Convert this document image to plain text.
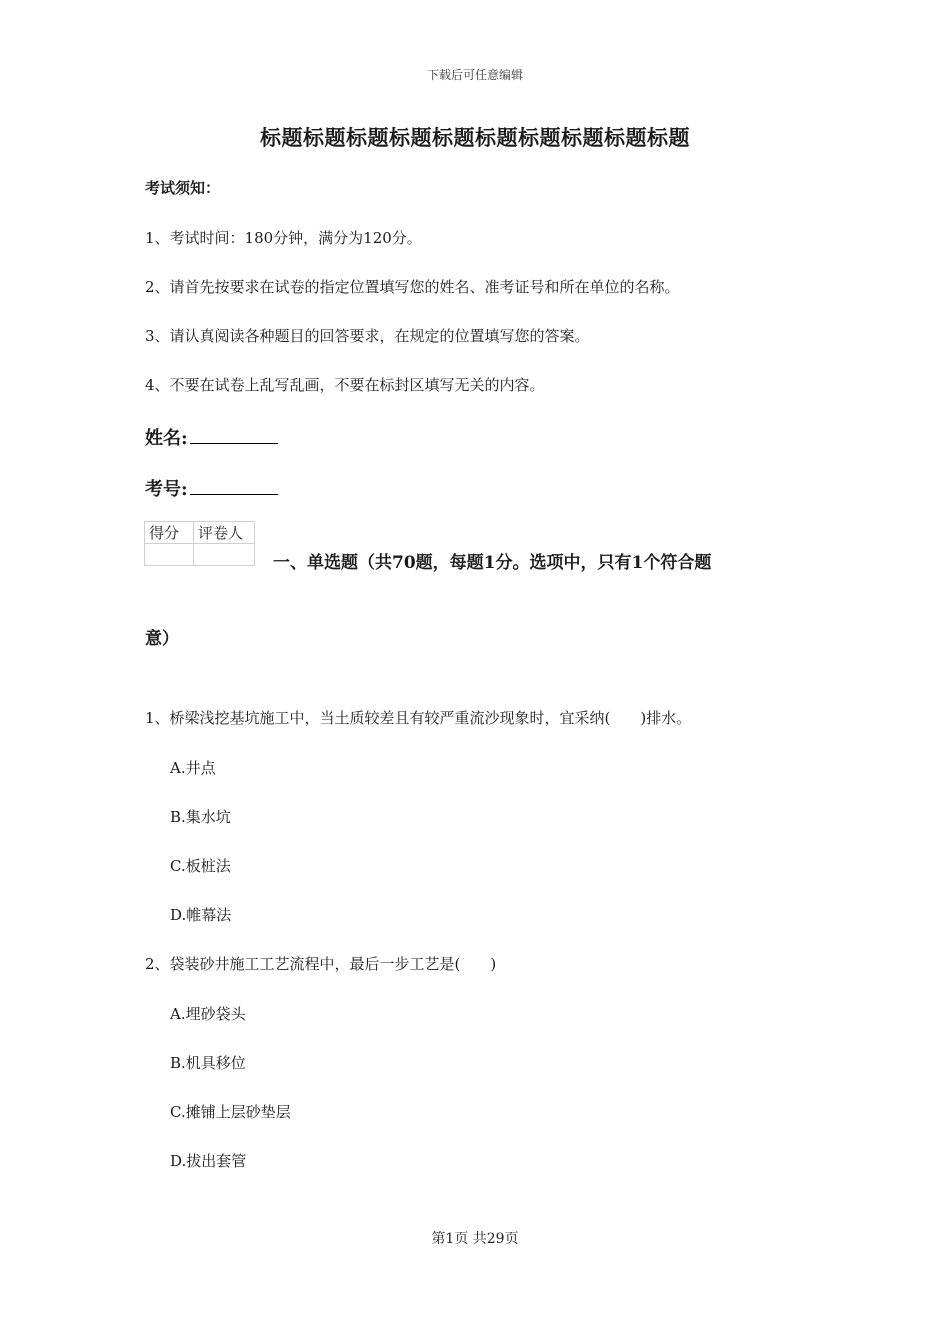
下载后可任意编辑
标题标题标题标题标题标题标题标题标题标题
考试须知：
1、考试时间：180分钟，满分为120分。
2、请首先按要求在试卷的指定位置填写您的姓名、准考证号和所在单位的名称。
3、请认真阅读各种题目的回答要求，在规定的位置填写您的答案。
4、不要在试卷上乱写乱画，不要在标封区填写无关的内容。
姓名:
考号:
得分	评卷人

一、单选题（共70题，每题1分。选项中，只有1个符合题
意）
1、桥梁浅挖基坑施工中，当土质较差且有较严重流沙现象时，宜采纳(　　)排水。
A.井点
B.集水坑
C.板桩法
D.帷幕法
2、袋装砂井施工工艺流程中，最后一步工艺是(　　)
A.埋砂袋头
B.机具移位
C.摊铺上层砂垫层
D.拔出套管
第1页 共29页
